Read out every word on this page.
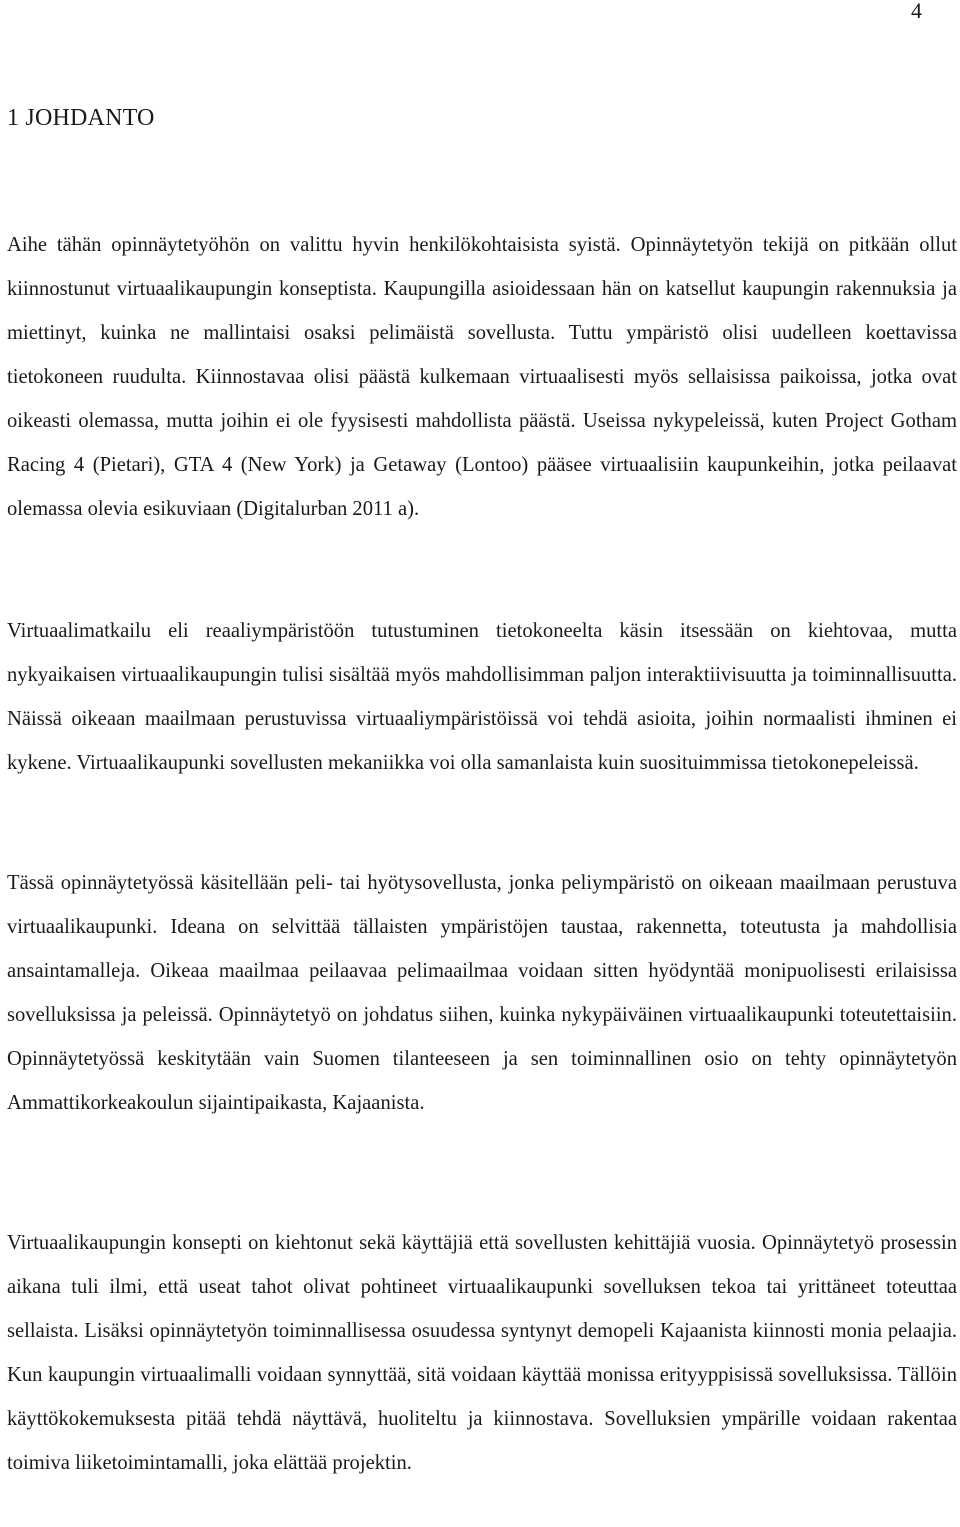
4
1 JOHDANTO

Aihe tähän opinnäytetyöhön on valittu hyvin henkilökohtaisista syistä. Opinnäytetyön tekijä on pitkään ollut kiinnostunut virtuaalikaupungin konseptista. Kaupungilla asioidessaan hän on katsellut kaupungin rakennuksia ja miettinyt, kuinka ne mallintaisi osaksi pelimäistä sovellusta. Tuttu ympäristö olisi uudelleen koettavissa tietokoneen ruudulta. Kiinnostavaa olisi päästä kulkemaan virtuaalisesti myös sellaisissa paikoissa, jotka ovat oikeasti olemassa, mutta joihin ei ole fyysisesti mahdollista päästä. Useissa nykypeleissä, kuten Project Gotham Racing 4 (Pietari), GTA 4 (New York) ja Getaway (Lontoo) pääsee virtuaalisiin kaupunkeihin, jotka peilaavat olemassa olevia esikuviaan (Digitalurban 2011 a).

Virtuaalimatkailu eli reaaliympäristöön tutustuminen tietokoneelta käsin itsessään on kiehtovaa, mutta nykyaikaisen virtuaalikaupungin tulisi sisältää myös mahdollisimman paljon interaktiivisuutta ja toiminnallisuutta. Näissä oikeaan maailmaan perustuvissa virtuaaliympäristöissä voi tehdä asioita, joihin normaalisti ihminen ei kykene. Virtuaalikaupunki sovellusten mekaniikka voi olla samanlaista kuin suosituimmissa tietokonepeleissä.

Tässä opinnäytetyössä käsitellään peli- tai hyötysovellusta, jonka peliympäristö on oikeaan maailmaan perustuva virtuaalikaupunki. Ideana on selvittää tällaisten ympäristöjen taustaa, rakennetta, toteutusta ja mahdollisia ansaintamalleja. Oikeaa maailmaa peilaavaa pelimaailmaa voidaan sitten hyödyntää monipuolisesti erilaisissa sovelluksissa ja peleissä. Opinnäytetyö on johdatus siihen, kuinka nykypäiväinen virtuaalikaupunki toteutettaisiin. Opinnäytetyössä keskitytään vain Suomen tilanteeseen ja sen toiminnallinen osio on tehty opinnäytetyön Ammattikorkeakoulun sijaintipaikasta, Kajaanista.

Virtuaalikaupungin konsepti on kiehtonut sekä käyttäjiä että sovellusten kehittäjiä vuosia. Opinnäytetyö prosessin aikana tuli ilmi, että useat tahot olivat pohtineet virtuaalikaupunki sovelluksen tekoa tai yrittäneet toteuttaa sellaista. Lisäksi opinnäytetyön toiminnallisessa osuudessa syntynyt demopeli Kajaanista kiinnosti monia pelaajia. Kun kaupungin virtuaalimalli voidaan synnyttää, sitä voidaan käyttää monissa erityyppisissä sovelluksissa. Tällöin käyttökokemuksesta pitää tehdä näyttävä, huoliteltu ja kiinnostava. Sovelluksien ympärille voidaan rakentaa toimiva liiketoimintamalli, joka elättää projektin.
